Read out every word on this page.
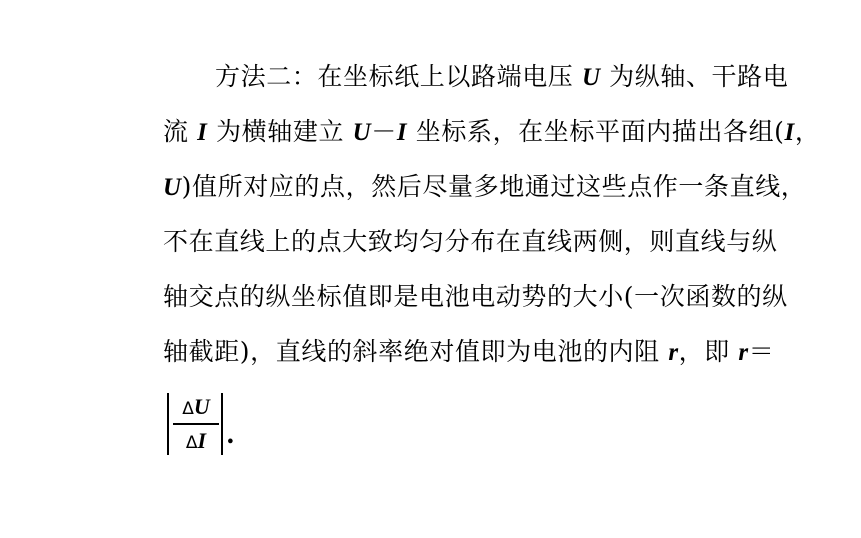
方法二：在坐标纸上以路端电压 U 为纵轴、干路电
流 I 为横轴建立 U－I 坐标系，在坐标平面内描出各组(I，
U)值所对应的点，然后尽量多地通过这些点作一条直线，
不在直线上的点大致均匀分布在直线两侧，则直线与纵
轴交点的纵坐标值即是电池电动势的大小(一次函数的纵
轴截距)，直线的斜率绝对值即为电池的内阻 r，即 r＝
ΔU
ΔI .
